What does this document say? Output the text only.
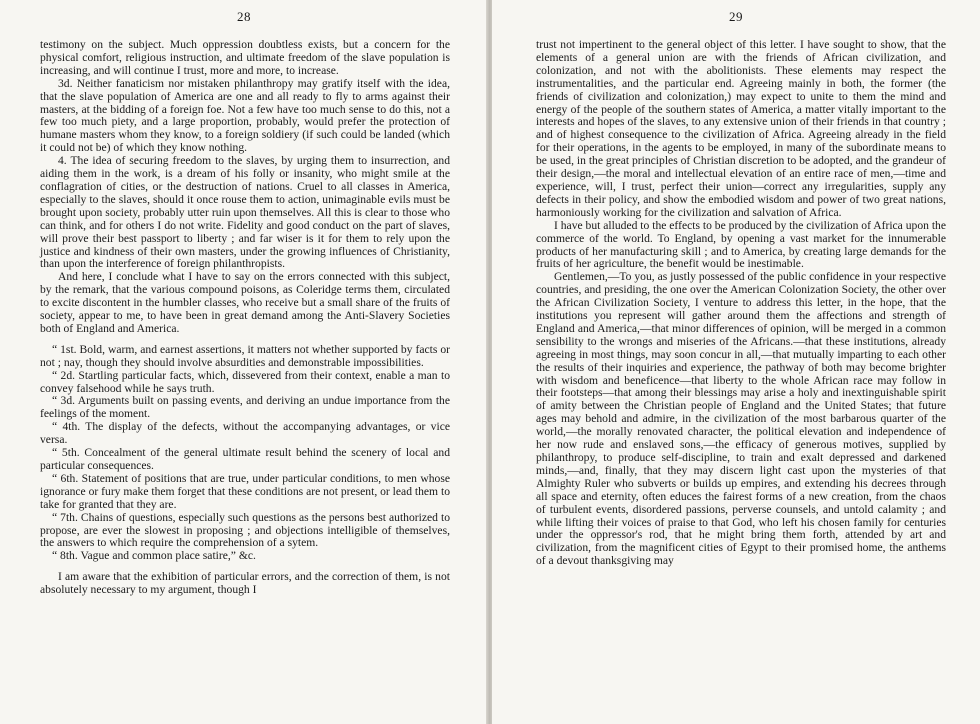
28

testimony on the subject. Much oppression doubtless exists, but a concern for the physical comfort, religious instruction, and ultimate freedom of the slave population is increasing, and will continue I trust, more and more, to increase.

3d. Neither fanaticism nor mistaken philanthropy may gratify itself with the idea, that the slave population of America are one and all ready to fly to arms against their masters, at the bidding of a foreign foe. Not a few have too much sense to do this, not a few too much piety, and a large proportion, probably, would prefer the protection of humane masters whom they know, to a foreign soldiery (if such could be landed (which it could not be) of which they know nothing.

4. The idea of securing freedom to the slaves, by urging them to insurrection, and aiding them in the work, is a dream of his folly or insanity, who might smile at the conflagration of cities, or the destruction of nations. Cruel to all classes in America, especially to the slaves, should it once rouse them to action, unimaginable evils must be brought upon society, probably utter ruin upon themselves. All this is clear to those who can think, and for others I do not write. Fidelity and good conduct on the part of slaves, will prove their best passport to liberty ; and far wiser is it for them to rely upon the justice and kindness of their own masters, under the growing influences of Christianity, than upon the interference of foreign philanthropists.

And here, I conclude what I have to say on the errors connected with this subject, by the remark, that the various compound poisons, as Coleridge terms them, circulated to excite discontent in the humbler classes, who receive but a small share of the fruits of society, appear to me, to have been in great demand among the Anti-Slavery Societies both of England and America.

“ 1st. Bold, warm, and earnest assertions, it matters not whether supported by facts or not ; nay, though they should involve absurdities and demonstrable impossibilities.

“ 2d. Startling particular facts, which, dissevered from their context, enable a man to convey falsehood while he says truth.

“ 3d. Arguments built on passing events, and deriving an undue importance from the feelings of the moment.

“ 4th. The display of the defects, without the accompanying advantages, or vice versa.

“ 5th. Concealment of the general ultimate result behind the scenery of local and particular consequences.

“ 6th. Statement of positions that are true, under particular conditions, to men whose ignorance or fury make them forget that these conditions are not present, or lead them to take for granted that they are.

“ 7th. Chains of questions, especially such questions as the persons best authorized to propose, are ever the slowest in proposing ; and objections intelligible of themselves, the answers to which require the comprehension of a sytem.

“ 8th. Vague and common place satire,” &c.

I am aware that the exhibition of particular errors, and the correction of them, is not absolutely necessary to my argument, though I

29

trust not impertinent to the general object of this letter. I have sought to show, that the elements of a general union are with the friends of African civilization, and colonization, and not with the abolitionists. These elements may respect the instrumentalities, and the particular end. Agreeing mainly in both, the former (the friends of civilization and colonization,) may expect to unite to them the mind and energy of the people of the southern states of America, a matter vitally important to the interests and hopes of the slaves, to any extensive union of their friends in that country ; and of highest consequence to the civilization of Africa. Agreeing already in the field for their operations, in the agents to be employed, in many of the subordinate means to be used, in the great principles of Christian discretion to be adopted, and the grandeur of their design,—the moral and intellectual elevation of an entire race of men,—time and experience, will, I trust, perfect their union—correct any irregularities, supply any defects in their policy, and show the embodied wisdom and power of two great nations, harmoniously working for the civilization and salvation of Africa.

I have but alluded to the effects to be produced by the civilization of Africa upon the commerce of the world. To England, by opening a vast market for the innumerable products of her manufacturing skill ; and to America, by creating large demands for the fruits of her agriculture, the benefit would be inestimable.

Gentlemen,—To you, as justly possessed of the public confidence in your respective countries, and presiding, the one over the American Colonization Society, the other over the African Civilization Society, I venture to address this letter, in the hope, that the institutions you represent will gather around them the affections and strength of England and America,—that minor differences of opinion, will be merged in a common sensibility to the wrongs and miseries of the Africans.—that these institutions, already agreeing in most things, may soon concur in all,—that mutually imparting to each other the results of their inquiries and experience, the pathway of both may become brighter with wisdom and beneficence—that liberty to the whole African race may follow in their footsteps—that among their blessings may arise a holy and inextinguishable spirit of amity between the Christian people of England and the United States; that future ages may behold and admire, in the civilization of the most barbarous quarter of the world,—the morally renovated character, the political elevation and independence of her now rude and enslaved sons,—the efficacy of generous motives, supplied by philanthropy, to produce self-discipline, to train and exalt depressed and darkened minds,—and, finally, that they may discern light cast upon the mysteries of that Almighty Ruler who subverts or builds up empires, and extending his decrees through all space and eternity, often educes the fairest forms of a new creation, from the chaos of turbulent events, disordered passions, perverse counsels, and untold calamity ; and while lifting their voices of praise to that God, who left his chosen family for centuries under the oppressor's rod, that he might bring them forth, attended by art and civilization, from the magnificent cities of Egypt to their promised home, the anthems of a devout thanksgiving may
